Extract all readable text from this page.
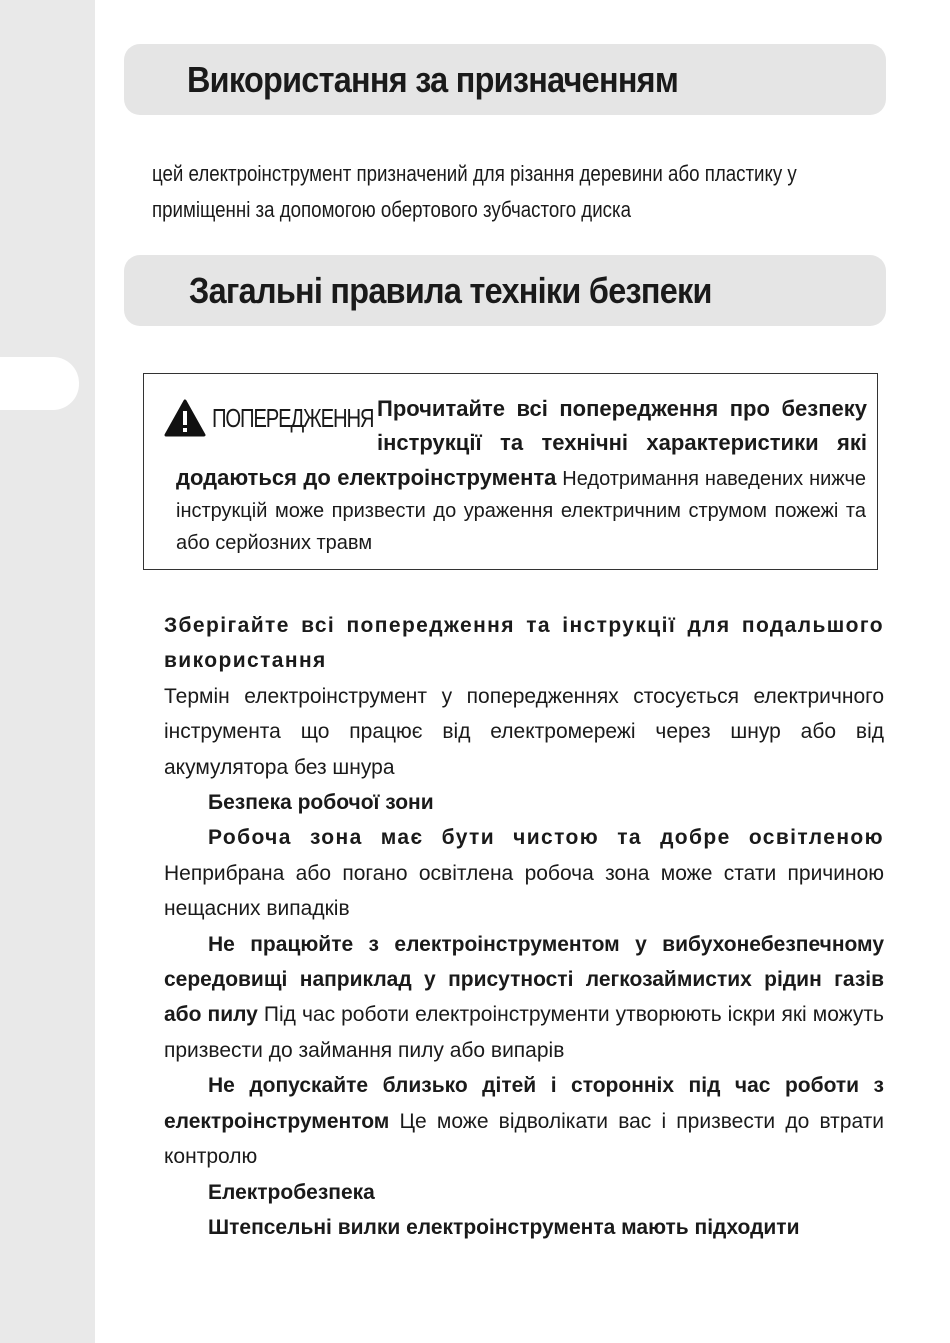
Використання за призначенням

цей електроінструмент призначений для різання деревини або пластику у приміщенні за допомогою обертового зубчастого диска

Загальні правила техніки безпеки
ПОПЕРЕДЖЕННЯ Прочитайте всі попередження про безпеку інструкції та технічні характеристики які

додаються до електроінструмента Недотримання наведених нижче інструкцій може призвести до ураження електричним струмом пожежі та або серйозних травм

Зберігайте всі попередження та інструкції для подальшого використання

Термін електроінструмент у попередженнях стосується електричного інструмента що працює від електромережі через шнур або від акумулятора без шнура

Безпека робочої зони

Робоча зона має бути чистою та добре освітленою Неприбрана або погано освітлена робоча зона може стати причиною нещасних випадків

Не працюйте з електроінструментом у вибухонебезпечному середовищі наприклад у присутності легкозаймистих рідин газів або пилу Під час роботи електроінструменти утворюють іскри які можуть призвести до займання пилу або випарів

Не допускайте близько дітей і сторонніх під час роботи з електроінструментом Це може відволікати вас і призвести до втрати контролю

Електробезпека

Штепсельні вилки електроінструмента мають підходити
